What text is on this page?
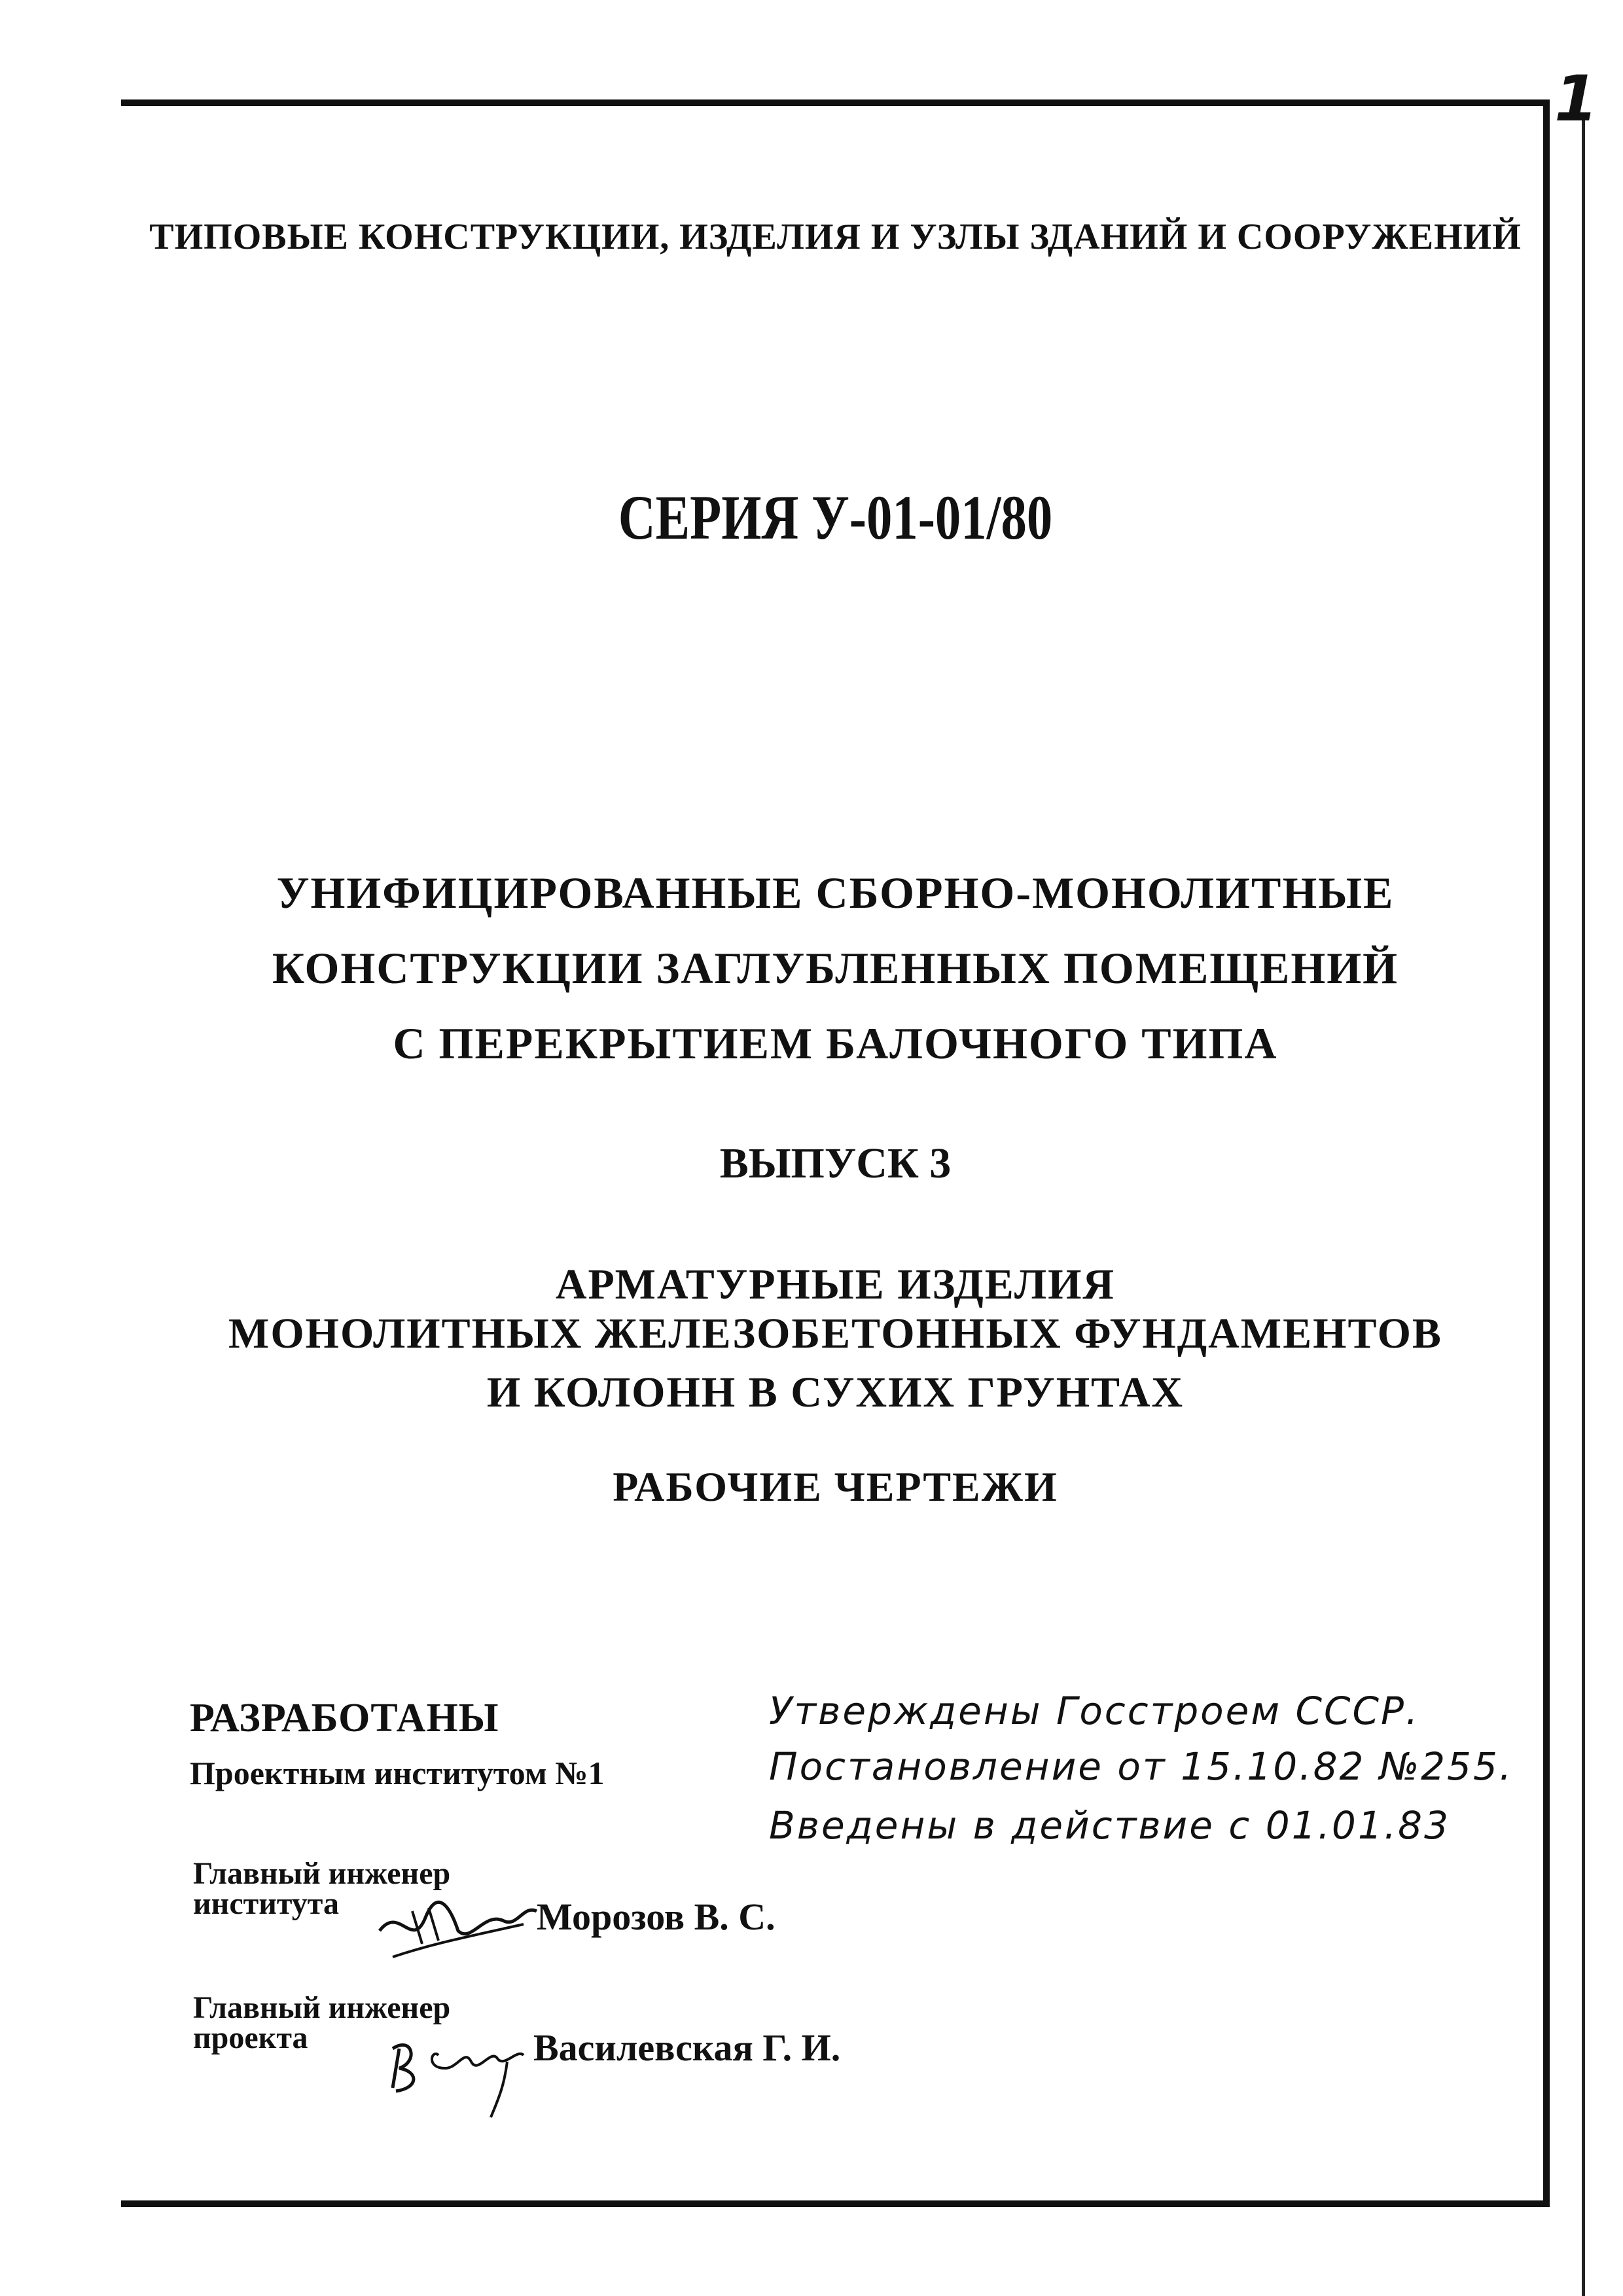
1
ТИПОВЫЕ КОНСТРУКЦИИ, ИЗДЕЛИЯ И УЗЛЫ ЗДАНИЙ И СООРУЖЕНИЙ
СЕРИЯ У-01-01/80
УНИФИЦИРОВАННЫЕ СБОРНО-МОНОЛИТНЫЕ
КОНСТРУКЦИИ ЗАГЛУБЛЕННЫХ ПОМЕЩЕНИЙ
С ПЕРЕКРЫТИЕМ БАЛОЧНОГО ТИПА
ВЫПУСК 3
АРМАТУРНЫЕ ИЗДЕЛИЯ
МОНОЛИТНЫХ ЖЕЛЕЗОБЕТОННЫХ ФУНДАМЕНТОВ
И КОЛОНН В СУХИХ ГРУНТАХ
РАБОЧИЕ ЧЕРТЕЖИ
РАЗРАБОТАНЫ
Проектным институтом №1
Утверждены Госстроем СССР.
Постановление от 15.10.82 №255.
Введены в действие с 01.01.83
Главный инженер
института	Морозов В. С.
Главный инженер
проекта	Василевская Г. И.
